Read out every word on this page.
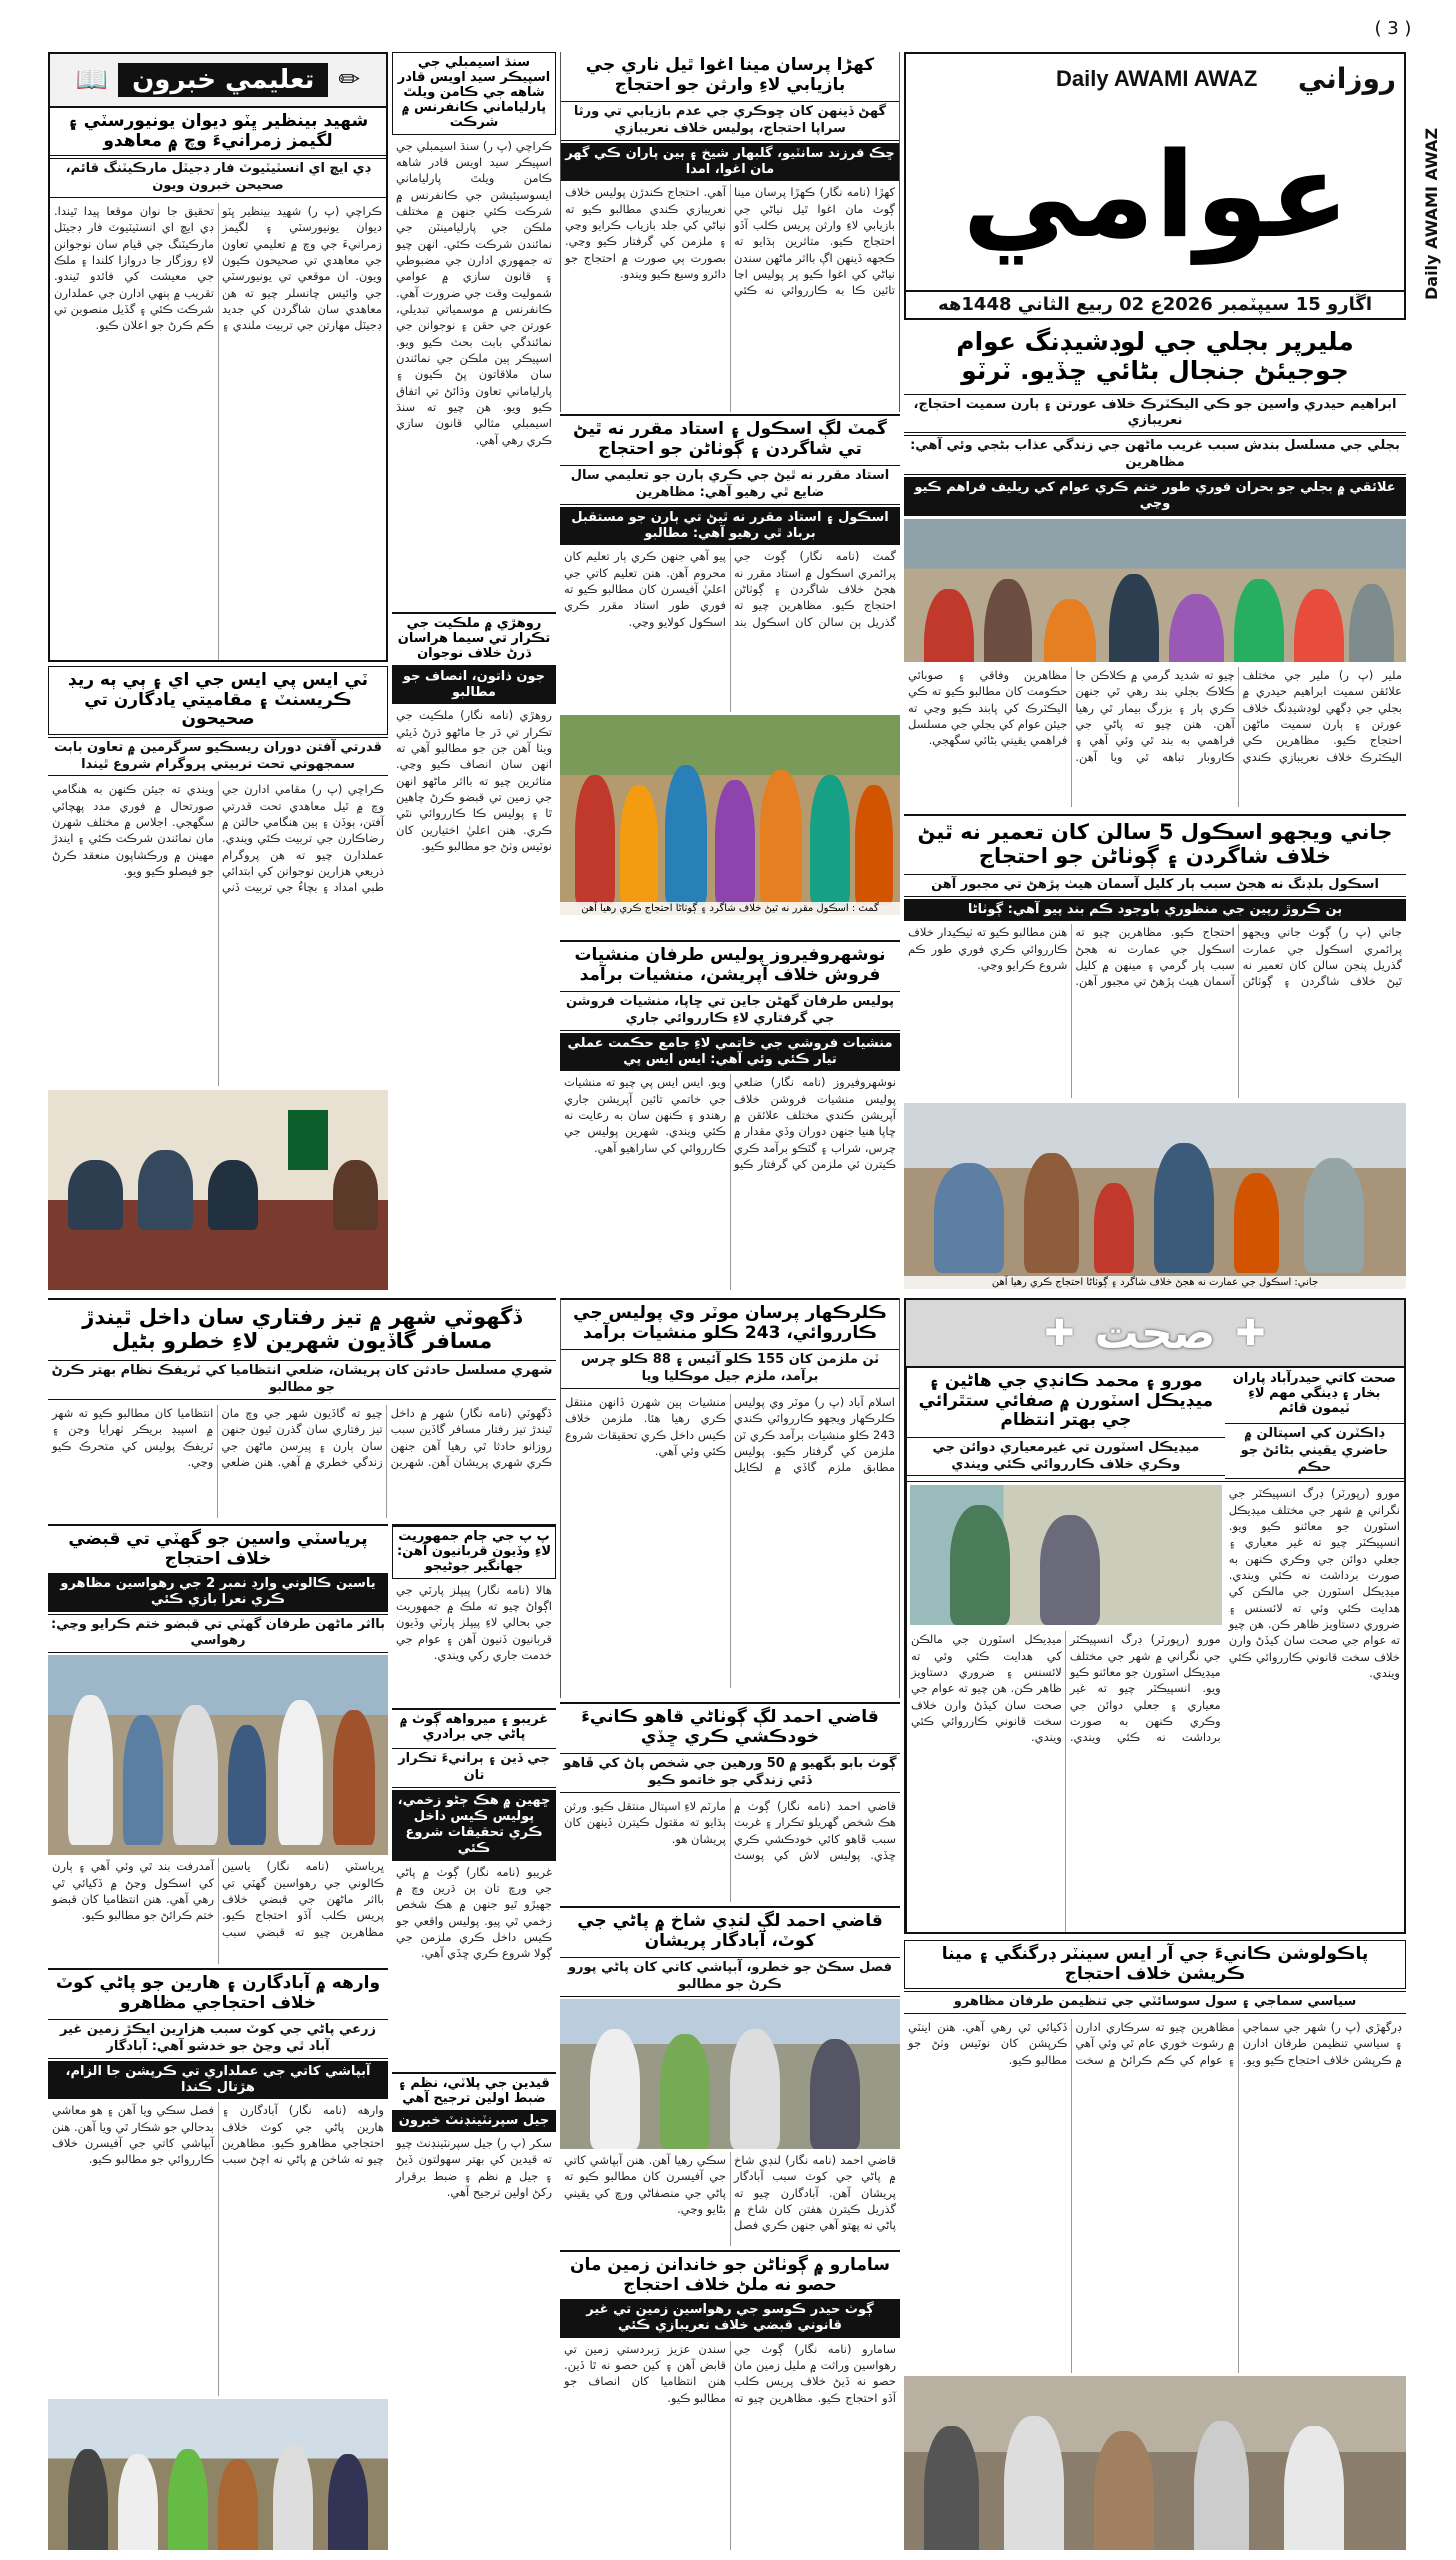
( 3 )
Daily AWAMI AWAZ
Daily AWAMI AWAZ	روزاني
عوامي
اڱارو 15 سيپٽمبر 2026ع 02 ربيع الثاني 1448هه
مليرپر بجلي جي لوڊشيڊنگ عوام جوجيئڻ جنجال بڻائي ڇڏيو. ٽرٽو
ابراهيم حيدري واسين جو ڪي اليڪٽرڪ خلاف عورتن ۽ ٻارن سميت احتجاج، نعريبازي
بجلي جي مسلسل بندش سبب غريب ماڻهن جي زندگي عذاب بڻجي وئي آهي: مظاهرين
علائقي ۾ بجلي جو بحران فوري طور ختم ڪري عوام کي ريليف فراهم ڪيو وڃي
ملير (پ ر) ملير جي مختلف علائقن سميت ابراهيم حيدري ۾ بجلي جي ڊگهي لوڊشيڊنگ خلاف عورتن ۽ ٻارن سميت ماڻهن احتجاج ڪيو. مظاهرين ڪي اليڪٽرڪ خلاف نعريبازي ڪندي چيو ته شديد گرمي ۾ ڪلاڪن جا ڪلاڪ بجلي بند رهي ٿي جنهن ڪري ٻار ۽ بزرگ بيمار ٿي رهيا آهن. هنن چيو ته پاڻي جي فراهمي به بند ٿي وئي آهي ۽ ڪاروبار تباهه ٿي ويا آهن. مظاهرين وفاقي ۽ صوبائي حڪومت کان مطالبو ڪيو ته ڪي اليڪٽرڪ کي پابند ڪيو وڃي ته جيئن عوام کي بجلي جي مسلسل فراهمي يقيني بڻائي سگهجي.
جاني ويجهو اسڪول 5 سالن کان تعمير نه ٿيڻ خلاف شاگردن ۽ ڳوٺاڻن جو احتجاج
اسڪول بلڊنگ نه هجڻ سبب ٻار کليل آسمان هيٺ پڙهڻ تي مجبور آهن
ٻن ڪروڙ رپين جي منظوري باوجود ڪم بند پيو آهي: ڳوٺاڻا
جاني (پ ر) ڳوٺ جاني ويجهو پرائمري اسڪول جي عمارت گذريل پنجن سالن کان تعمير نه ٿيڻ خلاف شاگردن ۽ ڳوٺاڻن احتجاج ڪيو. مظاهرين چيو ته اسڪول جي عمارت نه هجڻ سبب ٻار گرمي ۽ مينهن ۾ کليل آسمان هيٺ پڙهڻ تي مجبور آهن. هنن مطالبو ڪيو ته ٺيڪيدار خلاف ڪارروائي ڪري فوري طور ڪم شروع ڪرايو وڃي.
جاني: اسڪول جي عمارت نه هجڻ خلاف شاگرد ۽ ڳوٺاڻا احتجاج ڪري رهيا آهن
✚ صحت ✚
مورو ۽ محمد ڪانڊي جي هاڻين ۽ ميڊيڪل اسٽورن ۾ صفائي ستٿرائي جي بهتر انتظام
ميڊيڪل اسٽورن تي غيرمعياري دوائن جي وڪري خلاف ڪارروائي ڪئي ويندي
صحت کاتي حيدرآباد پاران بخار ۽ ڊينگي مهم لاءِ ٽيمون قائم
ڊاڪٽرن کي اسپتالن ۾ حاضري يقيني بڻائڻ جو حڪم
مورو (رپورٽر) ڊرگ انسپيڪٽر جي نگراني ۾ شهر جي مختلف ميڊيڪل اسٽورن جو معائنو ڪيو ويو. انسپيڪٽر چيو ته غير معياري ۽ جعلي دوائن جي وڪري ڪنهن به صورت برداشت نه ڪئي ويندي. ميڊيڪل اسٽورن جي مالڪن کي هدايت ڪئي وئي ته لائسنس ۽ ضروري دستاويز ظاهر ڪن. هن چيو ته عوام جي صحت سان کيڏڻ وارن خلاف سخت قانوني ڪارروائي ڪئي ويندي.
مورو (رپورٽر) ڊرگ انسپيڪٽر جي نگراني ۾ شهر جي مختلف ميڊيڪل اسٽورن جو معائنو ڪيو ويو. انسپيڪٽر چيو ته غير معياري ۽ جعلي دوائن جي وڪري ڪنهن به صورت برداشت نه ڪئي ويندي. ميڊيڪل اسٽورن جي مالڪن کي هدايت ڪئي وئي ته لائسنس ۽ ضروري دستاويز ظاهر ڪن. هن چيو ته عوام جي صحت سان کيڏڻ وارن خلاف سخت قانوني ڪارروائي ڪئي ويندي.
پاڪولوشن ڪانيءَ جي آر ايس سينٽر ڊرگنگي ۽ مينا ڪريشن خلاف احتجاج
سياسي سماجي ۽ سول سوسائٽي جي تنظيمن طرفان مظاهرو
ڊرگهڙي (پ ر) شهر جي سماجي ۽ سياسي تنظيمن طرفان ادارن ۾ ڪرپشن خلاف احتجاج ڪيو ويو. مظاهرين چيو ته سرڪاري ادارن ۾ رشوت خوري عام ٿي وئي آهي ۽ عوام کي ڪم ڪرائڻ ۾ سخت ڏکيائي ٿي رهي آهي. هنن اينٽي ڪرپشن کان نوٽيس وٺڻ جو مطالبو ڪيو.
کھڑا پرسان مينا اغوا ٿيل ناري جي بازيابي لاءِ وارثن جو احتجاج
گهڻ ڏينهن کان ڇوڪري جي عدم بازيابي تي ورثا سراپا احتجاج، پوليس خلاف نعريبازي
ڇڪ فرزند سانٽيو، گلبهار شيخ ۽ ٻين پاران ڪي گهر مان اغوا، امدا
کهڙا (نامه نگار) ڪهڙا پرسان مينا ڳوٺ مان اغوا ٿيل نياڻي جي بازيابي لاءِ وارثن پريس ڪلب آڏو احتجاج ڪيو. متاثرين ٻڌايو ته ڪجهه ڏينهن اڳ بااثر ماڻهن سندن نياڻي کي اغوا ڪيو پر پوليس اڃا تائين ڪا به ڪارروائي نه ڪئي آهي. احتجاج ڪندڙن پوليس خلاف نعريبازي ڪندي مطالبو ڪيو ته نياڻي کي جلد بازياب ڪرايو وڃي ۽ ملزمن کي گرفتار ڪيو وڃي. بصورت ٻي صورت ۾ احتجاج جو دائرو وسيع ڪيو ويندو.
گمٽ لڳ اسڪول ۽ استاد مقرر نه ٿيڻ تي شاگردن ۽ ڳوٺاڻن جو احتجاج
استاد مقرر نه ٿيڻ جي ڪري ٻارن جو تعليمي سال ضايع ٿي رهيو آهي: مظاهرين
اسڪول ۽ استاد مقرر نه ٿيڻ تي ٻارن جو مستقبل برباد ٿي رهيو آهي: مطالبو
گمٽ (نامه نگار) ڳوٺ جي پرائمري اسڪول ۾ استاد مقرر نه هجڻ خلاف شاگردن ۽ ڳوٺاڻن احتجاج ڪيو. مظاهرين چيو ته گذريل ٻن سالن کان اسڪول بند پيو آهي جنهن ڪري ٻار تعليم کان محروم آهن. هنن تعليم کاتي جي اعليٰ آفيسرن کان مطالبو ڪيو ته فوري طور استاد مقرر ڪري اسڪول کولايو وڃي.
گمٽ : اسڪول مقرر نه ٿيڻ خلاف شاگرد ۽ ڳوٺاڻا احتجاج ڪري رهيا آهن
نوشهروفيروز پوليس طرفان منشيات فروش خلاف آپريشن، منشيات برآمد
پوليس طرفان گهڻن جاين تي ڇاپا، منشيات فروشن جي گرفتاري لاءِ ڪارروائي جاري
منشيات فروشي جي خاتمي لاءِ جامع حڪمت عملي تيار ڪئي وئي آهي: ايس ايس پي
نوشهروفيروز (نامه نگار) ضلعي پوليس منشيات فروشن خلاف آپريشن ڪندي مختلف علائقن ۾ ڇاپا هنيا جنهن دوران وڏي مقدار ۾ چرس، شراب ۽ گٽڪو برآمد ڪري ڪيترن ئي ملزمن کي گرفتار ڪيو ويو. ايس ايس پي چيو ته منشيات جي خاتمي تائين آپريشن جاري رهندو ۽ ڪنهن سان به رعايت نه ڪئي ويندي. شهرين پوليس جي ڪارروائي کي ساراهيو آهي.
سنڌ اسيمبلي جي اسپيڪر سيد اويس قادر شاهه جي ڪامن ويلٿ پارلياماني ڪانفرنس ۾ شرڪت
ڪراچي (پ ر) سنڌ اسيمبلي جي اسپيڪر سيد اويس قادر شاهه ڪامن ويلٿ پارلياماني ايسوسيئيشن جي ڪانفرنس ۾ شرڪت ڪئي جنهن ۾ مختلف ملڪن جي پارليامينٽن جي نمائندن شرڪت ڪئي. انهن چيو ته جمهوري ادارن جي مضبوطي ۽ قانون سازي ۾ عوامي شموليت وقت جي ضرورت آهي. ڪانفرنس ۾ موسمياتي تبديلي، عورتن جي حقن ۽ نوجوانن جي نمائندگي بابت بحث ڪيو ويو. اسپيڪر ٻين ملڪن جي نمائندن سان ملاقاتون پڻ ڪيون ۽ پارلياماني تعاون وڌائڻ تي اتفاق ڪيو ويو. هن چيو ته سنڌ اسيمبلي مثالي قانون سازي ڪري رهي آهي.
روهڙي ۾ ملڪيت جي تڪرار تي سيما هراسان ڌرڻ خلاف نوجوان
جون ذاتون، انصاف جو مطالبو
روهڙي (نامه نگار) ملڪيت جي تڪرار تي ڌر جا ماڻهو ڌرڻ ڏيئي ويٺا آهن جن جو مطالبو آهي ته انهن سان انصاف ڪيو وڃي. متاثرين چيو ته بااثر ماڻهو انهن جي زمين تي قبضو ڪرڻ چاهين ٿا ۽ پوليس ڪا ڪارروائي نٿي ڪري. هنن اعليٰ اختيارين کان نوٽيس وٺڻ جو مطالبو ڪيو.
📖 تعليمي خبرون ✏
شهيد بينظير ڀٽو ديوان يونيورسٽي ۽ لگيمز زمرانيءَ وچ ۾ معاهدو
ڊي ايڇ اي انسٽيٽيوٽ فار ڊجيٽل مارڪيٽنگ قائم، صحيحن خبرون ويون
ڪراچي (پ ر) شهيد بينظير ڀٽو ديوان يونيورسٽي ۽ لگيمز زمرانيءَ جي وچ ۾ تعليمي تعاون جي معاهدي تي صحيحون ڪيون ويون. ان موقعي تي يونيورسٽي جي وائيس چانسلر چيو ته هن معاهدي سان شاگردن کي جديد ڊجيٽل مهارتن جي تربيت ملندي ۽ تحقيق جا نوان موقعا پيدا ٿيندا. ڊي ايڇ اي انسٽيٽيوٽ فار ڊجيٽل مارڪيٽنگ جي قيام سان نوجوانن لاءِ روزگار جا دروازا کلندا ۽ ملڪ جي معيشت کي فائدو ٿيندو. تقريب ۾ ٻنهي ادارن جي عملدارن شرڪت ڪئي ۽ گڏيل منصوبن تي ڪم ڪرڻ جو اعلان ڪيو.
ٽي ايس پي ايس جي اي ۽ ٻي ٻه ريڊ ڪريسنٽ ۽ مقاميتي يادگارن تي صحيحون
قدرتي آفتن دوران ريسڪيو سرگرمين ۾ تعاون بابت سمجهوتي تحت تربيتي پروگرام شروع ٿيندا
ڪراچي (پ ر) مقامي ادارن جي وچ ۾ ٿيل معاهدي تحت قدرتي آفتن، ٻوڏن ۽ ٻين هنگامي حالتن ۾ رضاڪارن جي تربيت ڪئي ويندي. عملدارن چيو ته هن پروگرام ذريعي هزارين نوجوانن کي ابتدائي طبي امداد ۽ بچاءُ جي تربيت ڏني ويندي ته جيئن ڪنهن به هنگامي صورتحال ۾ فوري مدد پهچائي سگهجي. اجلاس ۾ مختلف شهرن مان نمائندن شرڪت ڪئي ۽ ايندڙ مهينن ۾ ورڪشاپون منعقد ڪرڻ جو فيصلو ڪيو ويو.
ڏگهوٽي شهر ۾ تيز رفتاري سان داخل ٿيندڙ مسافر گاڏيون شهرين لاءِ خطرو بڻيل
شهري مسلسل حادثن کان پريشان، ضلعي انتظاميا کي ٽريفڪ نظام بهتر ڪرڻ جو مطالبو
ڏگهوٽي (نامه نگار) شهر ۾ داخل ٿيندڙ تيز رفتار مسافر گاڏين سبب روزانو حادثا ٿي رهيا آهن جنهن ڪري شهري پريشان آهن. شهرين چيو ته گاڏيون شهر جي وچ مان تيز رفتاري سان گذرن ٿيون جنهن سان ٻارن ۽ پيرسن ماڻهن جي زندگي خطري ۾ آهي. هنن ضلعي انتظاميا کان مطالبو ڪيو ته شهر ۾ اسپيڊ بريڪر ٺهرايا وڃن ۽ ٽريفڪ پوليس کي متحرڪ ڪيو وڃي.
ڪلرڪهار پرسان موٽر وي پوليس جي ڪارروائي، 243 ڪلو منشيات برآمد
ٽن ملزمن کان 155 ڪلو آئيس ۽ 88 ڪلو چرس برآمد، ملزم جيل موڪليا ويا
اسلام آباد (پ ر) موٽر وي پوليس ڪلرڪهار ويجهو ڪارروائي ڪندي 243 ڪلو منشيات برآمد ڪري ٽن ملزمن کي گرفتار ڪيو. پوليس مطابق ملزم گاڏي ۾ لڪايل منشيات ٻين شهرن ڏانهن منتقل ڪري رهيا هئا. ملزمن خلاف ڪيس داخل ڪري تحقيقات شروع ڪئي وئي آهي.
پرياسٽي واسين جو گهٽي تي قبضي خلاف احتجاج
ياسين ڪالوني وارڊ نمبر 2 جي رهواسين مظاهرو ڪري نعرا بازي ڪئي
بااثر ماڻهن طرفان گهٽي تي قبضو ختم ڪرايو وڃي: رهواسي
ڀرياسٽي (نامه نگار) ياسين ڪالوني جي رهواسين گهٽي تي بااثر ماڻهن جي قبضي خلاف پريس ڪلب آڏو احتجاج ڪيو. مظاهرين چيو ته قبضي سبب آمدرفت بند ٿي وئي آهي ۽ ٻارن کي اسڪول وڃڻ ۾ ڏکيائي ٿي رهي آهي. هنن انتظاميا کان قبضو ختم ڪرائڻ جو مطالبو ڪيو.
پ پ جي ڄام جمهوريت لاءِ وڏيون قربانيون آهن: جهانگير جوڻيجو
هالا (نامه نگار) پيپلز پارٽي جي اڳواڻ چيو ته ملڪ ۾ جمهوريت جي بحالي لاءِ پيپلز پارٽي وڏيون قربانيون ڏنيون آهن ۽ عوام جي خدمت جاري رکي ويندي.
غريبو ۽ ميرواهه ڳوٺ ۾ پاڻي جي برادري
جي ڏين ۽ ٻرانيءَ تڪرار تان
ڇهين ۾ هڪ ڄڻو زخمي، پوليس ڪيس داخل ڪري تحقيقات شروع ڪئي
غريبو (نامه نگار) ڳوٺ ۾ پاڻي جي ورڇ تان ٻن ڌرين وچ ۾ جهيڙو ٿيو جنهن ۾ هڪ شخص زخمي ٿي پيو. پوليس واقعي جو ڪيس داخل ڪري ملزمن جي ڳولا شروع ڪري ڇڏي آهي.
قاضي احمد لڳ ڳوٺاڻي قاهو ڪانيءَ خودڪشي ڪري ڇڏي
ڳوٺ بابو بگهيو ۾ 50 ورهين جي شخص پاڻ کي ڦاهو ڏئي زندگي جو خاتمو ڪيو
قاضي احمد (نامه نگار) ڳوٺ ۾ هڪ شخص گهريلو تڪرار ۽ غربت سبب ڦاهو کائي خودڪشي ڪري ڇڏي. پوليس لاش کي پوسٽ مارٽم لاءِ اسپتال منتقل ڪيو. ورثن ٻڌايو ته مقتول ڪيترن ڏينهن کان پريشان هو.
قاضي احمد لڳ لنڊي شاخ ۾ پاڻي جي کوٽ، آبادگار پريشان
فصل سڪڻ جو خطرو، آبپاشي کاتي کان پاڻي پورو ڪرڻ جو مطالبو
قاضي احمد (نامه نگار) لنڊي شاخ ۾ پاڻي جي کوٽ سبب آبادگار پريشان آهن. آبادگارن چيو ته گذريل ڪيترن هفتن کان شاخ ۾ پاڻي نه پهتو آهي جنهن ڪري فصل سڪي رهيا آهن. هنن آبپاشي کاتي جي آفيسرن کان مطالبو ڪيو ته پاڻي جي منصفاڻي ورڇ کي يقيني بڻايو وڃي.
سامارو ۾ ڳوٺاڻن جو خاندانن زمين مان حصو نه ملڻ خلاف احتجاج
ڳوٺ حيدر ڪوسو جي رهواسين زمين تي غير قانوني قبضي خلاف نعريبازي ڪئي
سامارو (نامه نگار) ڳوٺ جي رهواسين وراثت ۾ مليل زمين مان حصو نه ڏيڻ خلاف پريس ڪلب آڏو احتجاج ڪيو. مظاهرين چيو ته سندن عزيز زبردستي زمين تي قابض آهن ۽ کين حصو نه ٿا ڏين. هنن انتظاميا کان انصاف جو مطالبو ڪيو.
وارهه ۾ آبادگارن ۽ هارين جو پاڻي کوٽ خلاف احتجاجي مظاهرو
زرعي پاڻي جي کوٽ سبب هزارين ايڪڙ زمين غير آباد ٿي وڃڻ جو خدشو آهي: آبادگار
آبپاشي کاتي جي عملداري تي ڪرپشن جا الزام، هڙتال ڪندا
وارهه (نامه نگار) آبادگارن ۽ هارين پاڻي جي کوٽ خلاف احتجاجي مظاهرو ڪيو. مظاهرين چيو ته شاخن ۾ پاڻي نه اچڻ سبب فصل سڪي ويا آهن ۽ هو معاشي بدحالي جو شڪار ٿي ويا آهن. هنن آبپاشي کاتي جي آفيسرن خلاف ڪارروائي جو مطالبو ڪيو.
قيدين جي پلاٽي، نظم ۽ ضبط اولين ترجيح آهي
جيل سپرنٽينڊنٽ خبرون
سکر (پ ر) جيل سپرنٽينڊنٽ چيو ته قيدين کي بهتر سهولتون ڏيڻ ۽ جيل ۾ نظم ۽ ضبط برقرار رکڻ اولين ترجيح آهي.
